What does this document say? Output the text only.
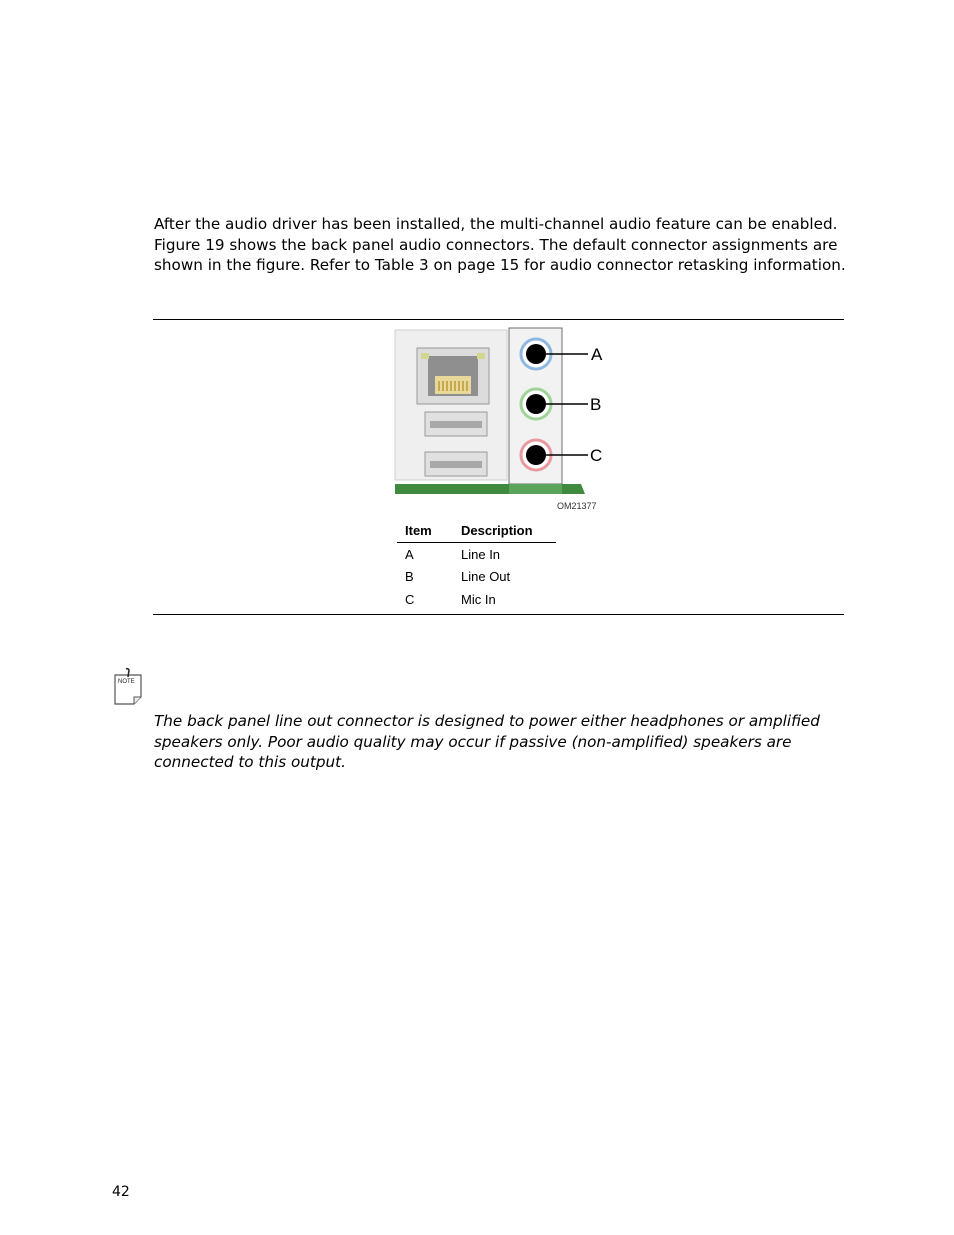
After the audio driver has been installed, the multi-channel audio feature can be enabled. Figure 19 shows the back panel audio connectors. The default connector assignments are shown in the figure. Refer to Table 3 on page 15 for audio connector retasking information.

A
B
C
OM21377
Item	Description
A	Line In
B	Line Out
C	Mic In
NOTE

The back panel line out connector is designed to power either headphones or amplified speakers only. Poor audio quality may occur if passive (non-amplified) speakers are connected to this output.

42
